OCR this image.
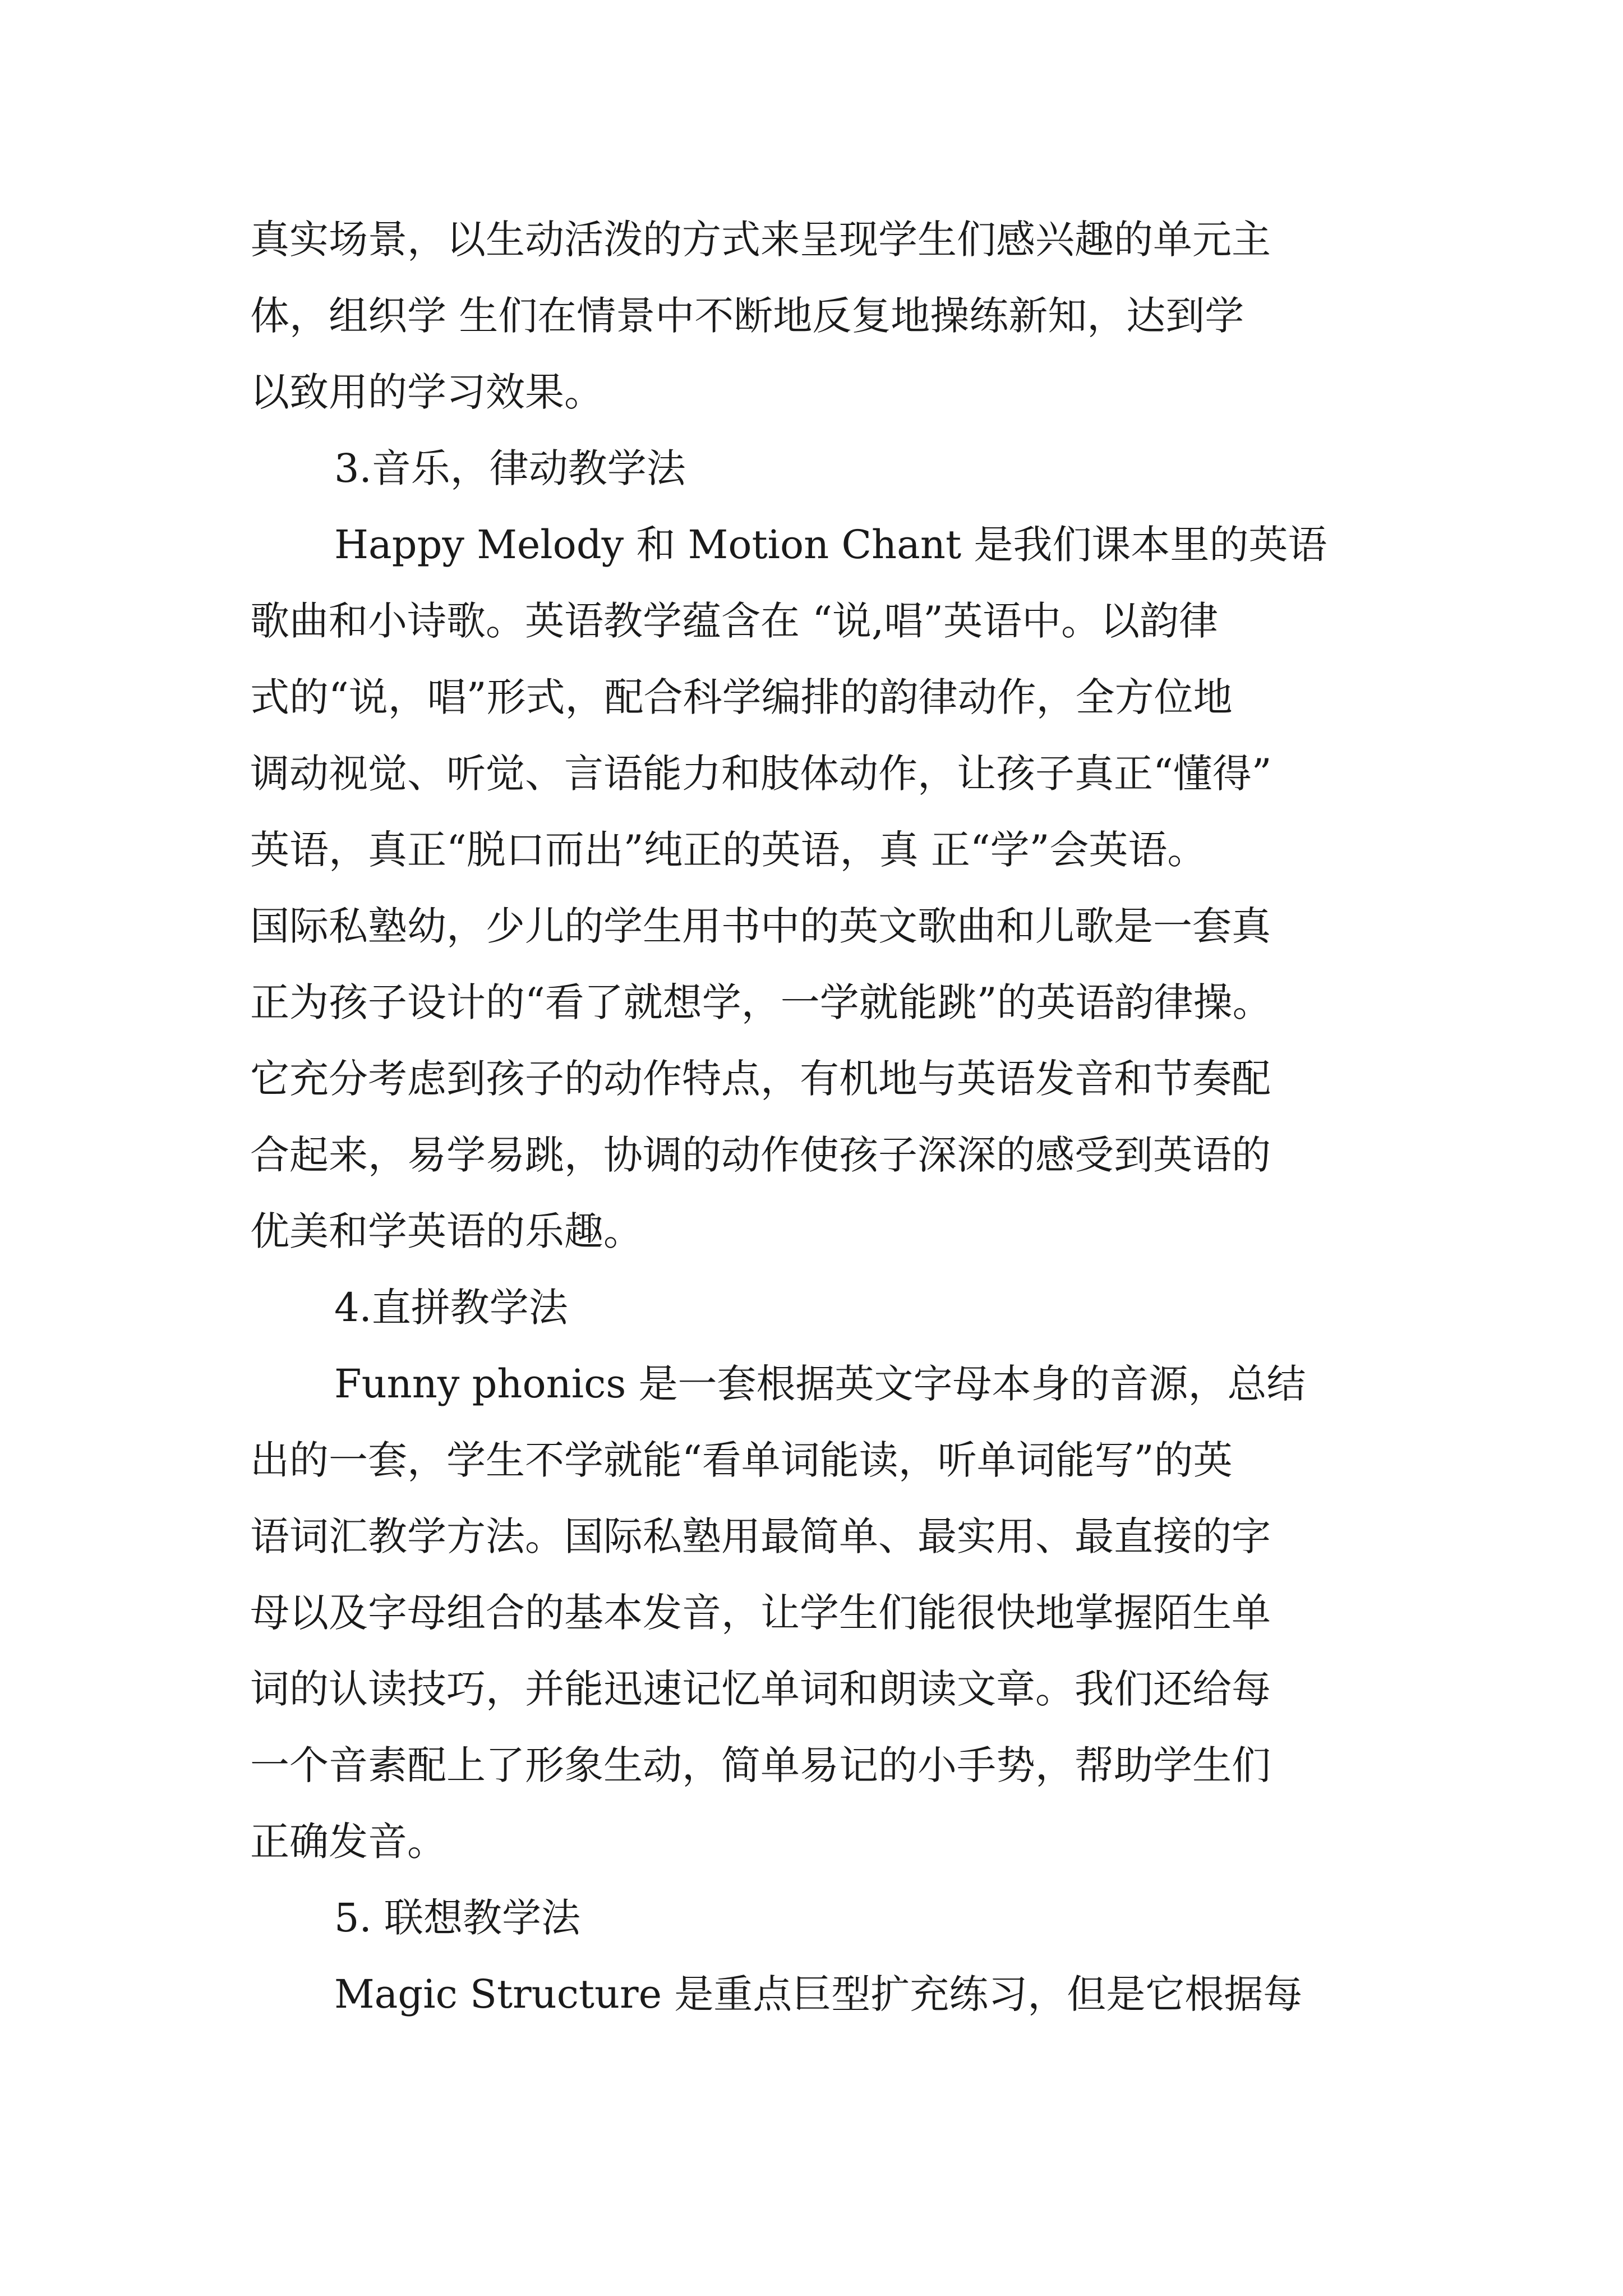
真实场景，以生动活泼的方式来呈现学生们感兴趣的单元主
体，组织学 生们在情景中不断地反复地操练新知，达到学
以致用的学习效果。
3.音乐，律动教学法
Happy Melody 和 Motion Chant 是我们课本里的英语
歌曲和小诗歌。英语教学蕴含在 “说,唱”英语中。以韵律
式的“说，唱”形式，配合科学编排的韵律动作，全方位地
调动视觉、听觉、言语能力和肢体动作，让孩子真正“懂得”
英语，真正“脱口而出”纯正的英语，真 正“学”会英语。
国际私塾幼，少儿的学生用书中的英文歌曲和儿歌是一套真
正为孩子设计的“看了就想学，一学就能跳”的英语韵律操。
它充分考虑到孩子的动作特点，有机地与英语发音和节奏配
合起来，易学易跳，协调的动作使孩子深深的感受到英语的
优美和学英语的乐趣。
4.直拼教学法
Funny phonics 是一套根据英文字母本身的音源，总结
出的一套，学生不学就能“看单词能读，听单词能写”的英
语词汇教学方法。国际私塾用最简单、最实用、最直接的字
母以及字母组合的基本发音，让学生们能很快地掌握陌生单
词的认读技巧，并能迅速记忆单词和朗读文章。我们还给每
一个音素配上了形象生动，简单易记的小手势，帮助学生们
正确发音。
5. 联想教学法
Magic Structure 是重点巨型扩充练习，但是它根据每
